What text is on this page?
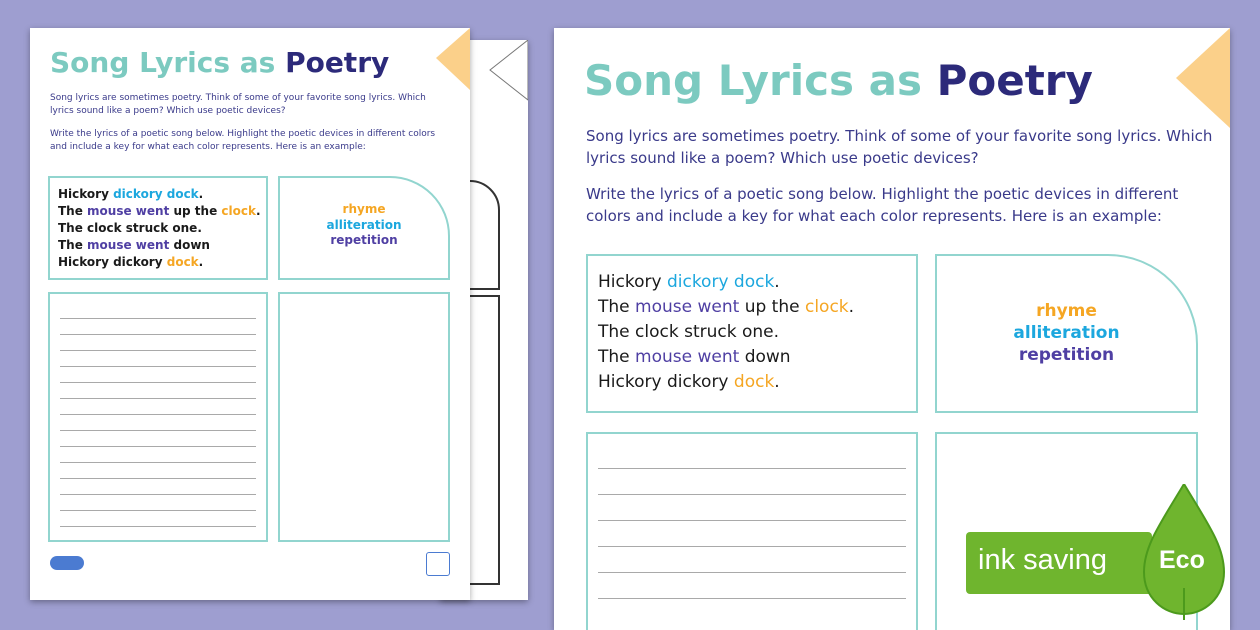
Song Lyrics as Poetry
Song lyrics are sometimes poetry. Think of some of your favorite song lyrics. Which lyrics sound like a poem? Which use poetic devices?
Write the lyrics of a poetic song below. Highlight the poetic devices in different colors and include a key for what each color represents. Here is an example:
Hickory dickory dock.
The mouse went up the clock.
The clock struck one.
The mouse went down
Hickory dickory dock.
rhyme
alliteration
repetition
Song Lyrics as Poetry
Song lyrics are sometimes poetry. Think of some of your favorite song lyrics. Which lyrics sound like a poem? Which use poetic devices?
Write the lyrics of a poetic song below. Highlight the poetic devices in different colors and include a key for what each color represents. Here is an example:
Hickory dickory dock.
The mouse went up the clock.
The clock struck one.
The mouse went down
Hickory dickory dock.
rhyme
alliteration
repetition
ink saving Eco
